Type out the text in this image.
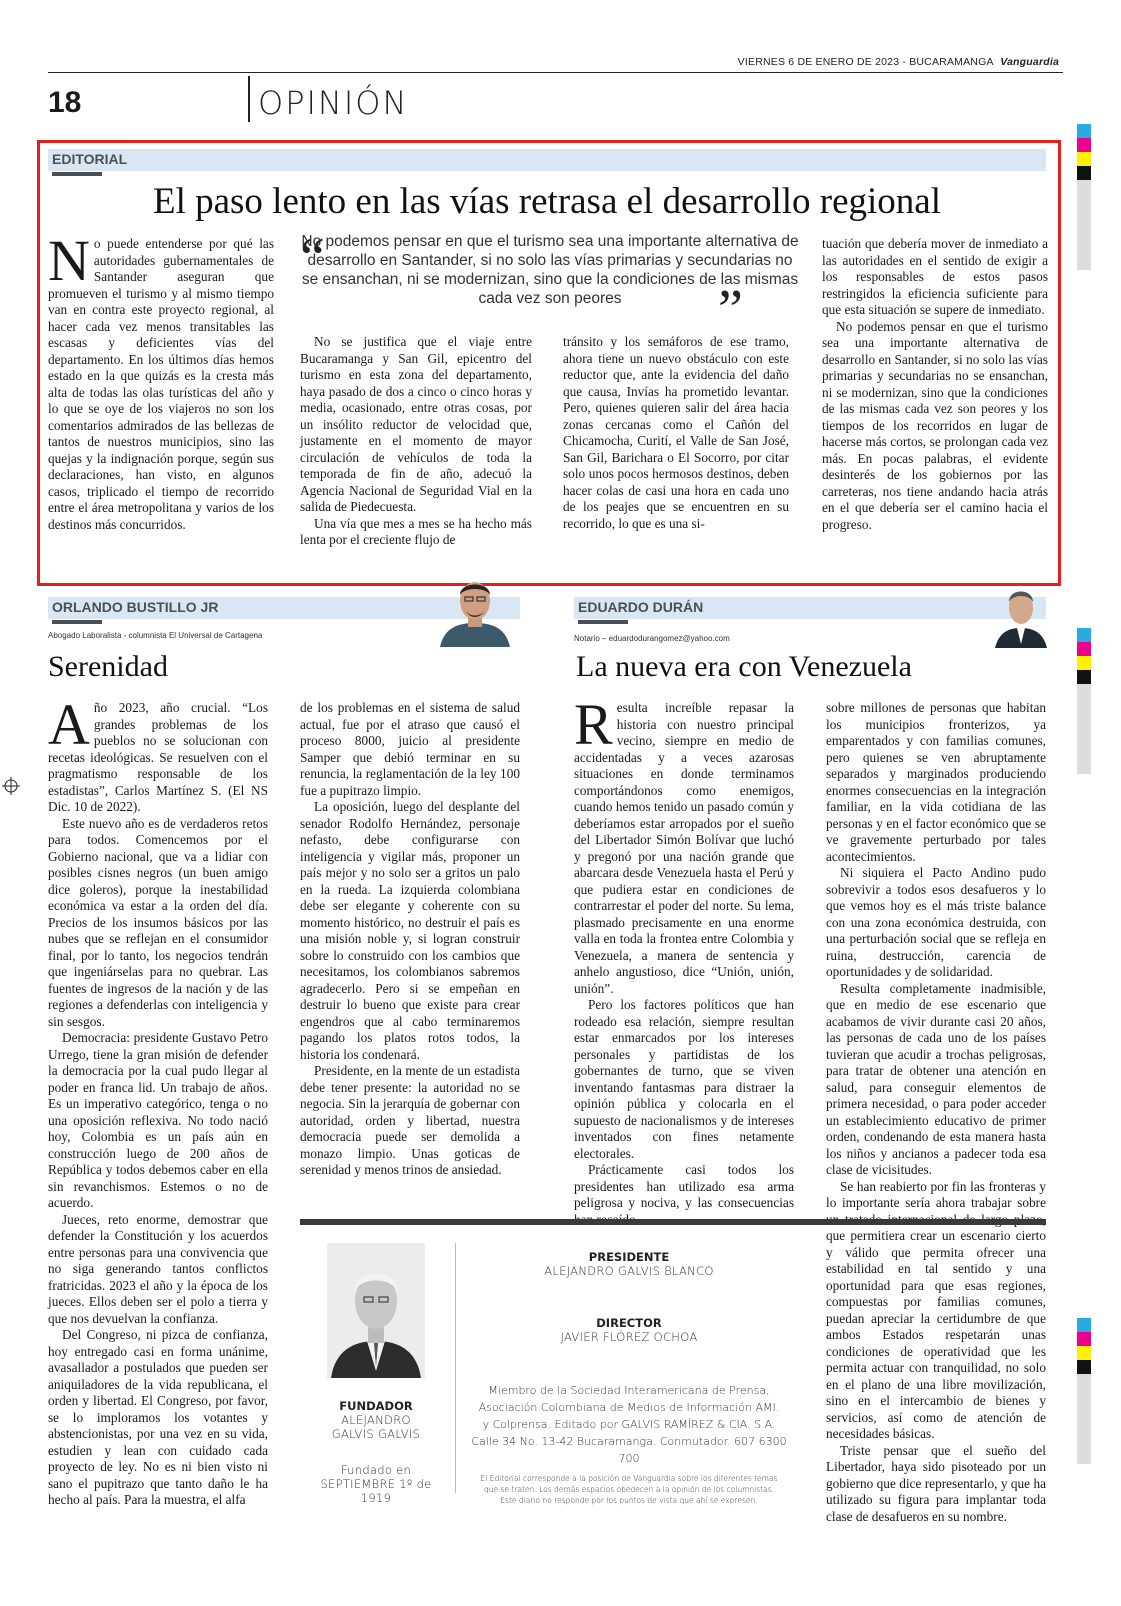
VIERNES 6 DE ENERO DE 2023 - BUCARAMANGA Vanguardia
18	OPINIÓN
EDITORIAL
El paso lento en las vías retrasa el desarrollo regional

No puede entenderse por qué las autoridades gubernamentales de Santander aseguran que promueven el turismo y al mismo tiempo van en contra este proyecto regional, al hacer cada vez menos transitables las escasas y deficientes vías del departamento. En los últimos días hemos estado en la que quizás es la cresta más alta de todas las olas turísticas del año y lo que se oye de los viajeros no son los comentarios admirados de las bellezas de tantos de nuestros municipios, sino las quejas y la indignación porque, según sus declaraciones, han visto, en algunos casos, triplicado el tiempo de recorrido entre el área metropolitana y varios de los destinos más concurridos.

“
No podemos pensar en que el turismo sea una importante alternativa de desarrollo en Santander, si no solo las vías primarias y secundarias no se ensanchan, ni se modernizan, sino que la condiciones de las mismas cada vez son peores	”

No se justifica que el viaje entre Bucaramanga y San Gil, epicentro del turismo en esta zona del departamento, haya pasado de dos a cinco o cinco horas y media, ocasionado, entre otras cosas, por un insólito reductor de velocidad que, justamente en el momento de mayor circulación de vehículos de toda la temporada de fin de año, adecuó la Agencia Nacional de Seguridad Vial en la salida de Piedecuesta.

Una vía que mes a mes se ha hecho más lenta por el creciente flujo de

tránsito y los semáforos de ese tramo, ahora tiene un nuevo obstáculo con este reductor que, ante la evidencia del daño que causa, Invías ha prometido levantar. Pero, quienes quieren salir del área hacia zonas cercanas como el Cañón del Chicamocha, Curití, el Valle de San José, San Gil, Barichara o El Socorro, por citar solo unos pocos hermosos destinos, deben hacer colas de casi una hora en cada uno de los peajes que se encuentren en su recorrido, lo que es una si-

tuación que debería mover de inmediato a las autoridades en el sentido de exigir a los responsables de estos pasos restringidos la eficiencia suficiente para que esta situación se supere de inmediato.

No podemos pensar en que el turismo sea una importante alternativa de desarrollo en Santander, si no solo las vías primarias y secundarias no se ensanchan, ni se modernizan, sino que la condiciones de las mismas cada vez son peores y los tiempos de los recorridos en lugar de hacerse más cortos, se prolongan cada vez más. En pocas palabras, el evidente desinterés de los gobiernos por las carreteras, nos tiene andando hacia atrás en el que debería ser el camino hacia el progreso.

ORLANDO BUSTILLO JR
Abogado Laboralista - columnista El Universal de Cartagena
Serenidad

Año 2023, año crucial. “Los grandes problemas de los pueblos no se solucionan con recetas ideológicas. Se resuelven con el pragmatismo responsable de los estadistas”, Carlos Martínez S. (El NS Dic. 10 de 2022).

Este nuevo año es de verdaderos retos para todos. Comencemos por el Gobierno nacional, que va a lidiar con posibles cisnes negros (un buen amigo dice goleros), porque la inestabilidad económica va estar a la orden del día. Precios de los insumos básicos por las nubes que se reflejan en el consumidor final, por lo tanto, los negocios tendrán que ingeniárselas para no quebrar. Las fuentes de ingresos de la nación y de las regiones a defenderlas con inteligencia y sin sesgos.

Democracia: presidente Gustavo Petro Urrego, tiene la gran misión de defender la democracia por la cual pudo llegar al poder en franca lid. Un trabajo de años. Es un imperativo categórico, tenga o no una oposición reflexiva. No todo nació hoy, Colombia es un país aún en construcción luego de 200 años de República y todos debemos caber en ella sin revanchismos. Estemos o no de acuerdo.

Jueces, reto enorme, demostrar que defender la Constitución y los acuerdos entre personas para una convivencia que no siga generando tantos conflictos fratricidas. 2023 el año y la época de los jueces. Ellos deben ser el polo a tierra y que nos devuelvan la confianza.

Del Congreso, ni pizca de confianza, hoy entregado casi en forma unánime, avasallador a postulados que pueden ser aniquiladores de la vida republicana, el orden y libertad. El Congreso, por favor, se lo imploramos los votantes y abstencionistas, por una vez en su vida, estudien y lean con cuidado cada proyecto de ley. No es ni bien visto ni sano el pupitrazo que tanto daño le ha hecho al país. Para la muestra, el alfa

de los problemas en el sistema de salud actual, fue por el atraso que causó el proceso 8000, juicio al presidente Samper que debió terminar en su renuncia, la reglamentación de la ley 100 fue a pupitrazo limpio.

La oposición, luego del desplante del senador Rodolfo Hernández, personaje nefasto, debe configurarse con inteligencia y vigilar más, proponer un país mejor y no solo ser a gritos un palo en la rueda. La izquierda colombiana debe ser elegante y coherente con su momento histórico, no destruir el país es una misión noble y, si logran construir sobre lo construido con los cambios que necesitamos, los colombianos sabremos agradecerlo. Pero si se empeñan en destruir lo bueno que existe para crear engendros que al cabo terminaremos pagando los platos rotos todos, la historia los condenará.

Presidente, en la mente de un estadista debe tener presente: la autoridad no se negocia. Sin la jerarquía de gobernar con autoridad, orden y libertad, nuestra democracia puede ser demolida a monazo limpio. Unas goticas de serenidad y menos trinos de ansiedad.

EDUARDO DURÁN
Notario – eduardodurangomez@yahoo.com
La nueva era con Venezuela

Resulta increíble repasar la historia con nuestro principal vecino, siempre en medio de accidentadas y a veces azarosas situaciones en donde terminamos comportándonos como enemigos, cuando hemos tenido un pasado común y deberíamos estar arropados por el sueño del Libertador Simón Bolívar que luchó y pregonó por una nación grande que abarcara desde Venezuela hasta el Perú y que pudiera estar en condiciones de contrarrestar el poder del norte. Su lema, plasmado precisamente en una enorme valla en toda la frontea entre Colombia y Venezuela, a manera de sentencia y anhelo angustioso, dice “Unión, unión, unión”.

Pero los factores políticos que han rodeado esa relación, siempre resultan estar enmarcados por los intereses personales y partidistas de los gobernantes de turno, que se viven inventando fantasmas para distraer la opinión pública y colocarla en el supuesto de nacionalismos y de intereses inventados con fines netamente electorales.

Prácticamente casi todos los presidentes han utilizado esa arma peligrosa y nociva, y las consecuencias

sobre millones de personas que habitan los municipios fronterizos, ya emparentados y con familias comunes, pero quienes se ven abruptamente separados y marginados produciendo enormes consecuencias en la integración familiar, en la vida cotidiana de las personas y en el factor económico que se ve gravemente perturbado por tales acontecimientos.

Ni siquiera el Pacto Andino pudo sobrevivir a todos esos desafueros y lo que vemos hoy es el más triste balance con una zona económica destruida, con una perturbación social que se refleja en ruina, destrucción, carencia de oportunidades y de solidaridad.

Resulta completamente inadmisible, que en medio de ese escenario que acabamos de vivir durante casi 20 años, las personas de cada uno de los países tuvieran que acudir a trochas peligrosas, para tratar de obtener una atención en salud, para conseguir elementos de primera necesidad, o para poder acceder un establecimiento educativo de primer orden, condenando de esta manera hasta los niños y ancianos a padecer toda esa clase de vicisitudes.

Se han reabierto por fin las fronteras y lo importante sería ahora trabajar sobre que permitiera crear un escenario cierto y válido que permita ofrecer una estabilidad en tal sentido y una oportunidad para que esas regiones, compuestas por familias comunes, puedan apreciar la certidumbre de que ambos Estados respetarán unas condiciones de operatividad que les permita actuar con tranquilidad, no solo en el plano de una libre movilización, sino en el intercambio de bienes y servicios, así como de atención de necesidades básicas.

Triste pensar que el sueño del Libertador, haya sido pisoteado por un gobierno que dice representarlo, y que ha utilizado su figura para implantar toda clase de desafueros en su nombre.

FUNDADOR
ALEJANDRO
GALVIS GALVIS
Fundado en
SEPTIEMBRE 1º de 1919
PRESIDENTE
ALEJANDRO GALVIS BLANCO
DIRECTOR
JAVIER FLÓREZ OCHOA
Miembro de la Sociedad Interamericana de Prensa,
Asociación Colombiana de Medios de Información AMI.
y Colprensa. Editado por GALVIS RAMÍREZ & CIA. S.A.
Calle 34 No. 13-42 Bucaramanga. Conmutador. 607 6300 700
El Editorial corresponde a la posición de Vanguardia sobre los diferentes temas
que se traten. Los demás espacios obedecen a la opinión de los columnistas.
Este diario no responde por los puntos de vista que ahí se expresen.
